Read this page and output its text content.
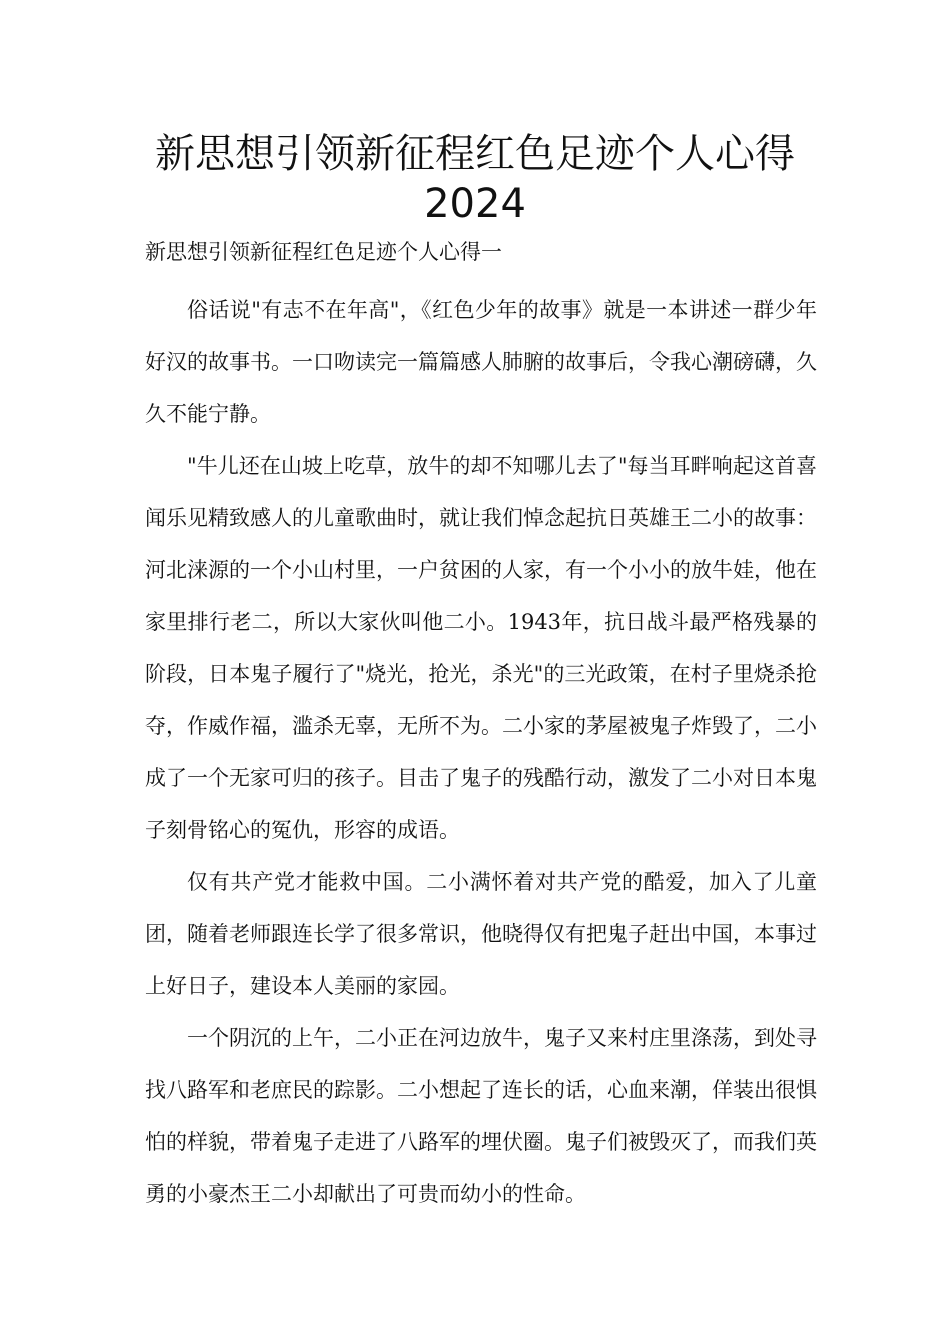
新思想引领新征程红色足迹个人心得
2024

新思想引领新征程红色足迹个人心得一

俗话说"有志不在年高"，《红色少年的故事》就是一本讲述一群少年好汉的故事书。一口吻读完一篇篇感人肺腑的故事后，令我心潮磅礴，久久不能宁静。

"牛儿还在山坡上吃草，放牛的却不知哪儿去了"每当耳畔响起这首喜闻乐见精致感人的儿童歌曲时，就让我们悼念起抗日英雄王二小的故事：河北涞源的一个小山村里，一户贫困的人家，有一个小小的放牛娃，他在家里排行老二，所以大家伙叫他二小。1943年，抗日战斗最严格残暴的阶段，日本鬼子履行了"烧光，抢光，杀光"的三光政策，在村子里烧杀抢夺，作威作福，滥杀无辜，无所不为。二小家的茅屋被鬼子炸毁了，二小成了一个无家可归的孩子。目击了鬼子的残酷行动，激发了二小对日本鬼子刻骨铭心的冤仇，形容的成语。

仅有共产党才能救中国。二小满怀着对共产党的酷爱，加入了儿童团，随着老师跟连长学了很多常识，他晓得仅有把鬼子赶出中国，本事过上好日子，建设本人美丽的家园。

一个阴沉的上午，二小正在河边放牛，鬼子又来村庄里涤荡，到处寻找八路军和老庶民的踪影。二小想起了连长的话，心血来潮，佯装出很惧怕的样貌，带着鬼子走进了八路军的埋伏圈。鬼子们被毁灭了，而我们英勇的小豪杰王二小却献出了可贵而幼小的性命。
